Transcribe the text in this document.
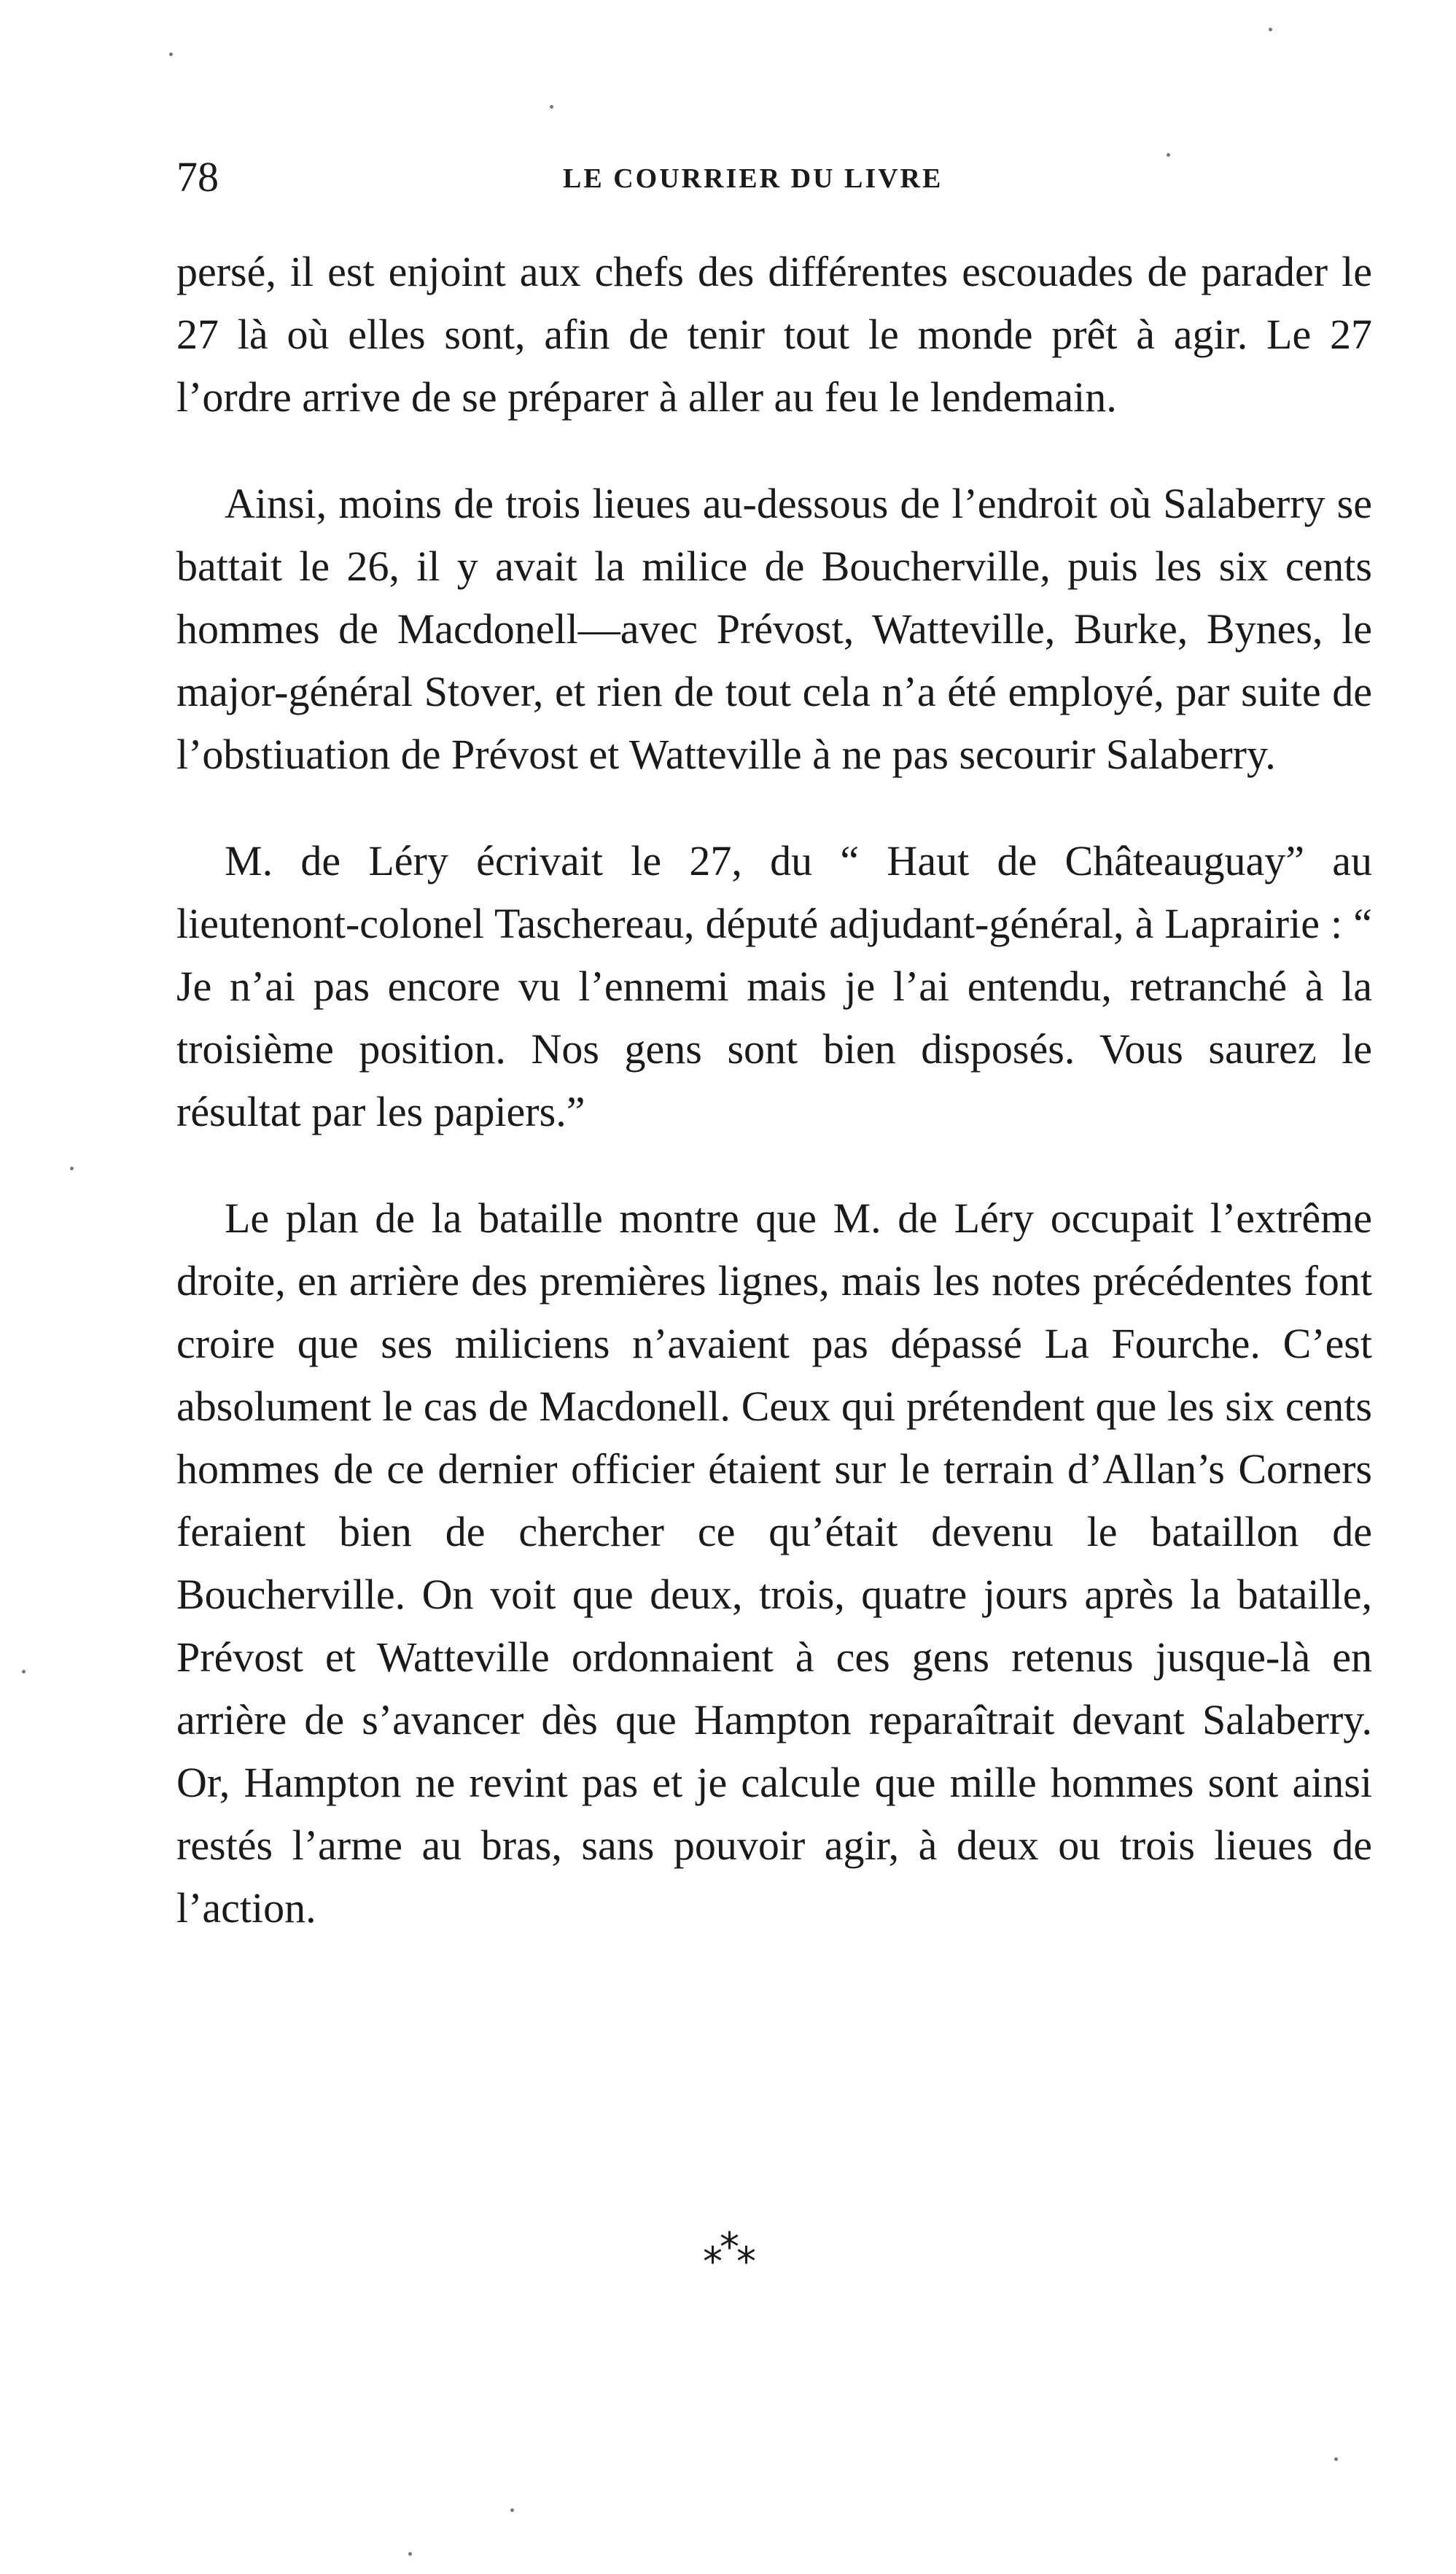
78	LE COURRIER DU LIVRE

persé, il est enjoint aux chefs des différentes escouades de parader le 27 là où elles sont, afin de tenir tout le monde prêt à agir. Le 27 l’ordre arrive de se préparer à aller au feu le lendemain.

Ainsi, moins de trois lieues au-dessous de l’endroit où Salaberry se battait le 26, il y avait la milice de Boucherville, puis les six cents hommes de Macdonell—avec Prévost, Watteville, Burke, Bynes, le major-général Stover, et rien de tout cela n’a été employé, par suite de l’obstiuation de Prévost et Watteville à ne pas secourir Salaberry.

M. de Léry écrivait le 27, du “ Haut de Châteauguay” au lieutenont-colonel Taschereau, député adjudant-général, à Laprairie : “ Je n’ai pas encore vu l’ennemi mais je l’ai entendu, retranché à la troisième position. Nos gens sont bien disposés. Vous saurez le résultat par les papiers.”

Le plan de la bataille montre que M. de Léry occupait l’extrême droite, en arrière des premières lignes, mais les notes précédentes font croire que ses miliciens n’avaient pas dépassé La Fourche. C’est absolument le cas de Macdonell. Ceux qui prétendent que les six cents hommes de ce dernier officier étaient sur le terrain d’Allan’s Corners feraient bien de chercher ce qu’était devenu le bataillon de Boucherville. On voit que deux, trois, quatre jours après la bataille, Prévost et Watteville ordonnaient à ces gens retenus jusque-là en arrière de s’avancer dès que Hampton reparaîtrait devant Salaberry. Or, Hampton ne revint pas et je calcule que mille hommes sont ainsi restés l’arme au bras, sans pouvoir agir, à deux ou trois lieues de l’action.

***
